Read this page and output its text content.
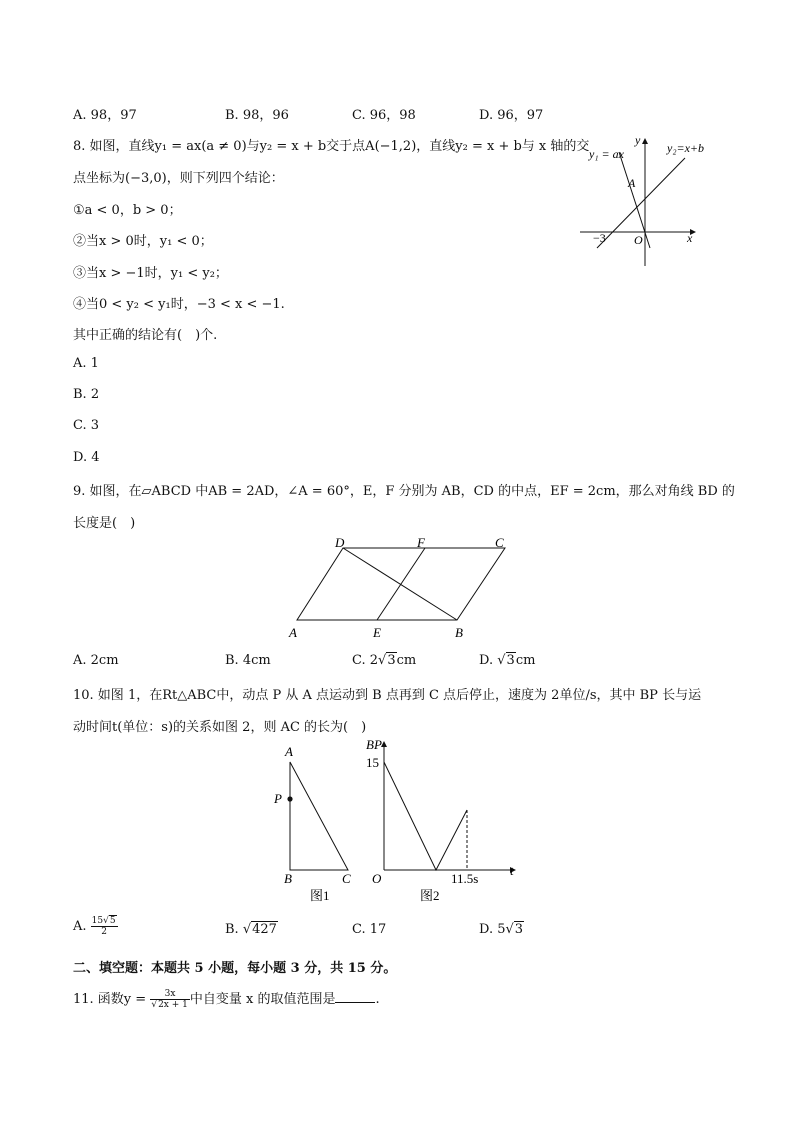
A. 98，97	B. 98，96	C. 96，98	D. 96，97
8. 如图，直线y₁ = ax(a ≠ 0)与y₂ = x + b交于点A(−1,2)，直线y₂ = x + b与 x 轴的交
点坐标为(−3,0)，则下列四个结论：
①a < 0，b > 0；
②当x > 0时，y₁ < 0；
③当x > −1时，y₁ < y₂；
④当0 < y₂ < y₁时，−3 < x < −1.
其中正确的结论有(　)个.
A. 1
B. 2
C. 3
D. 4
y₁ = ax	y₂=x+b
y
x
A
O
−3
9. 如图，在▱ABCD 中AB = 2AD，∠A = 60°，E，F 分别为 AB，CD 的中点，EF = 2cm，那么对角线 BD 的
长度是(　)
A	B
C
D
E
F
A. 2cm	B. 4cm	C. 2√3cm	D. √3cm
10. 如图 1，在Rt△ABC中，动点 P 从 A 点运动到 B 点再到 C 点后停止，速度为 2单位/s，其中 BP 长与运
动时间t(单位：s)的关系如图 2，则 AC 的长为(　)
A
P
B	C
图1
BP
15
O
t
11.5s
图2
A. $\frac{15√5}{2}$	B. √427	C. 17	D. 5√3
二、填空题：本题共 5 小题，每小题 3 分，共 15 分。
11. 函数$y = \frac{3x}{√2x + 1}$ 中自变量 x 的取值范围是	.
